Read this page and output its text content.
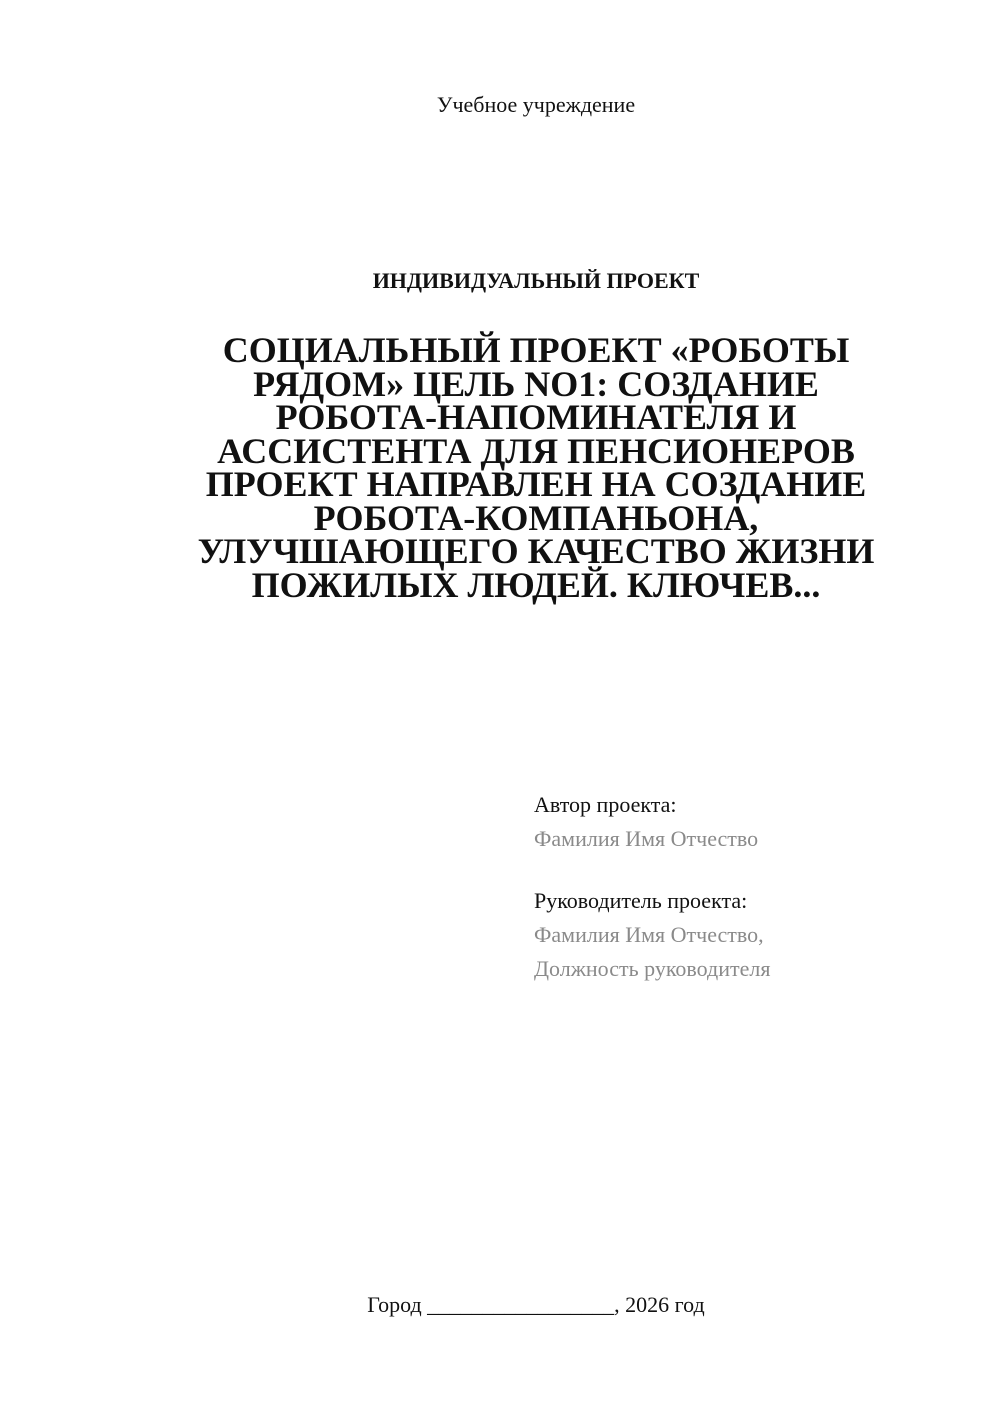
Учебное учреждение
ИНДИВИДУАЛЬНЫЙ ПРОЕКТ
СОЦИАЛЬНЫЙ ПРОЕКТ «РОБОТЫ
РЯДОМ» ЦЕЛЬ NO1: СОЗДАНИЕ
РОБОТА-НАПОМИНАТЕЛЯ И
АССИСТЕНТА ДЛЯ ПЕНСИОНЕРОВ
ПРОЕКТ НАПРАВЛЕН НА СОЗДАНИЕ
РОБОТА-КОМПАНЬОНА,
УЛУЧШАЮЩЕГО КАЧЕСТВО ЖИЗНИ
ПОЖИЛЫХ ЛЮДЕЙ. КЛЮЧЕВ...
Автор проекта:
Фамилия Имя Отчество
Руководитель проекта:
Фамилия Имя Отчество,
Должность руководителя
Город _________________, 2026 год
